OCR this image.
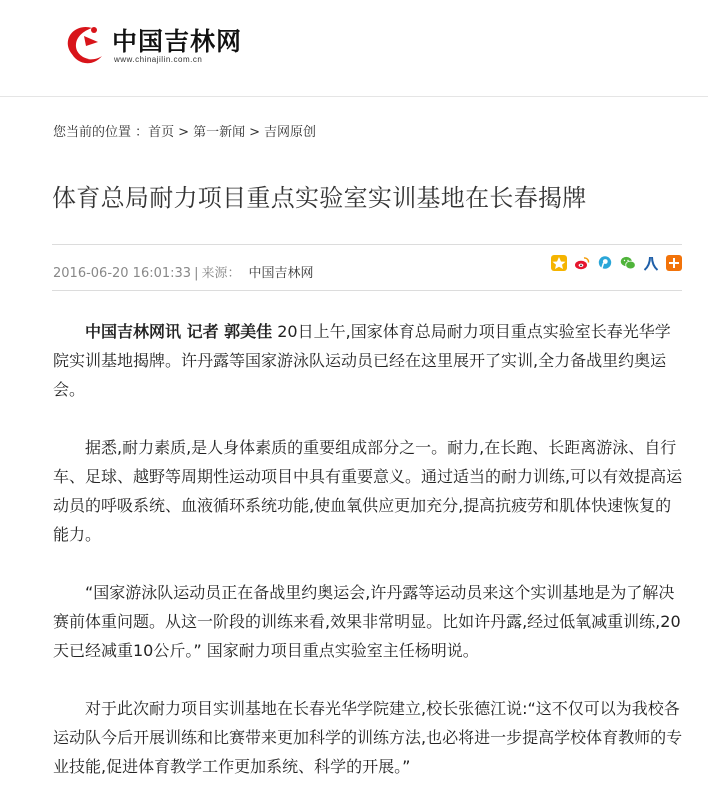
中国吉林网
www.chinajilin.com.cn
您当前的位置 ：首页 > 第一新闻 > 吉网原创
体育总局耐力项目重点实验室实训基地在长春揭牌
2016-06-20 16:01:33 | 来源： 中国吉林网

中国吉林网讯 记者 郭美佳 20日上午,国家体育总局耐力项目重点实验室长春光华学院实训基地揭牌。许丹露等国家游泳队运动员已经在这里展开了实训,全力备战里约奥运会。

据悉,耐力素质,是人身体素质的重要组成部分之一。耐力,在长跑、长距离游泳、自行车、足球、越野等周期性运动项目中具有重要意义。通过适当的耐力训练,可以有效提高运动员的呼吸系统、血液循环系统功能,使血氧供应更加充分,提高抗疲劳和肌体快速恢复的能力。

“国家游泳队运动员正在备战里约奥运会,许丹露等运动员来这个实训基地是为了解决赛前体重问题。从这一阶段的训练来看,效果非常明显。比如许丹露,经过低氧减重训练,20天已经减重10公斤。” 国家耐力项目重点实验室主任杨明说。

对于此次耐力项目实训基地在长春光华学院建立,校长张德江说:“这不仅可以为我校各运动队今后开展训练和比赛带来更加科学的训练方法,也必将进一步提高学校体育教师的专业技能,促进体育教学工作更加系统、科学的开展。”
